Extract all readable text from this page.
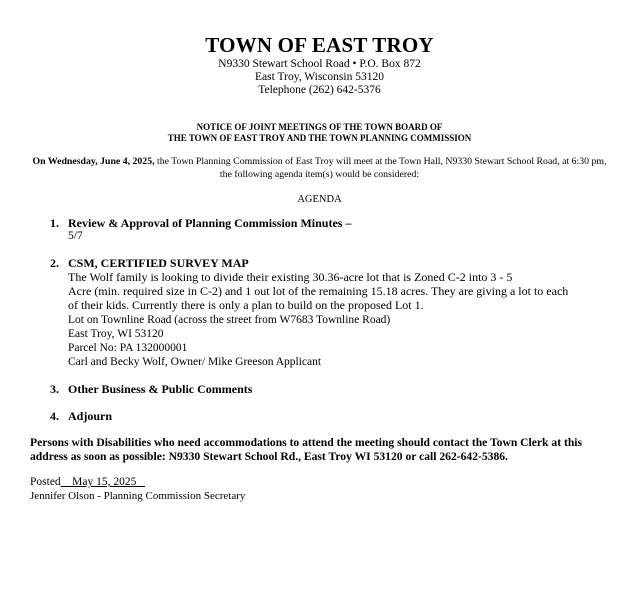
TOWN OF EAST TROY
N9330 Stewart School Road • P.O. Box 872
East Troy, Wisconsin 53120
Telephone (262) 642-5376
NOTICE OF JOINT MEETINGS OF THE TOWN BOARD OF
THE TOWN OF EAST TROY AND THE TOWN PLANNING COMMISSION
On Wednesday, June 4, 2025, the Town Planning Commission of East Troy will meet at the Town Hall, N9330 Stewart School Road, at 6:30 pm, the following agenda item(s) would be considered:
AGENDA
1. Review & Approval of Planning Commission Minutes –
5/7
2. CSM, CERTIFIED SURVEY MAP
The Wolf family is looking to divide their existing 30.36-acre lot that is Zoned C-2 into 3 - 5
Acre (min. required size in C-2) and 1 out lot of the remaining 15.18 acres. They are giving a lot to each
of their kids. Currently there is only a plan to build on the proposed Lot 1.
Lot on Townline Road (across the street from W7683 Townline Road)
East Troy, WI 53120
Parcel No: PA 132000001
Carl and Becky Wolf, Owner/ Mike Greeson Applicant
3. Other Business & Public Comments
4. Adjourn
Persons with Disabilities who need accommodations to attend the meeting should contact the Town Clerk at this address as soon as possible: N9330 Stewart School Rd., East Troy WI 53120 or call 262-642-5386.
Posted May 15, 2025
Jennifer Olson - Planning Commission Secretary
